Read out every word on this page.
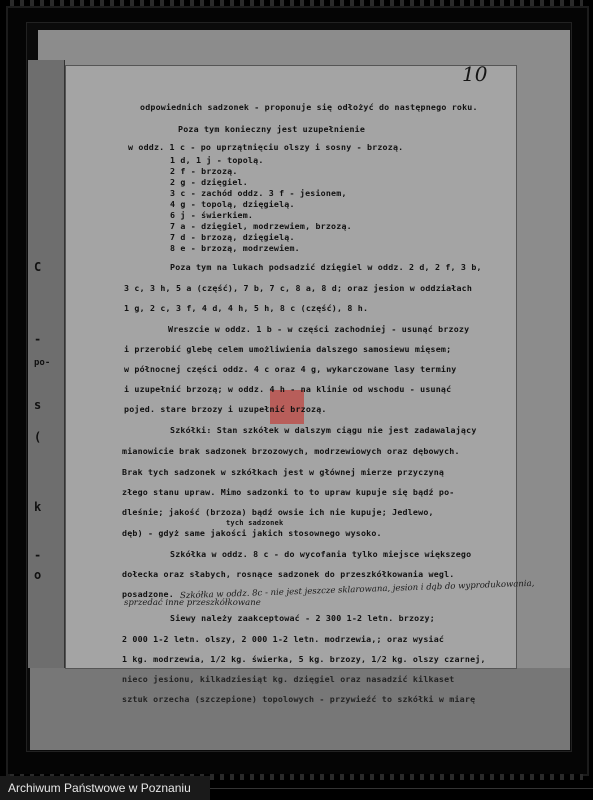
C
-
po-
s
(
k
-
o
10
odpowiednich sadzonek - proponuje się odłożyć do następnego roku.
Poza tym konieczny jest uzupełnienie
w oddz. 1 c - po uprzątnięciu olszy i sosny - brzozą.
1 d, 1 j - topolą.
2 f - brzozą.
2 g - dzięgiel.
3 c - zachód oddz. 3 f - jesionem,
4 g - topolą, dzięgielą.
6 j - świerkiem.
7 a - dzięgiel, modrzewiem, brzozą.
7 d - brzozą, dzięgielą.
8 e - brzozą, modrzewiem.
Poza tym na lukach podsadzić dzięgiel w oddz. 2 d, 2 f, 3 b,
3 c, 3 h, 5 a (część), 7 b, 7 c, 8 a, 8 d; oraz jesion w oddziałach
1 g, 2 c, 3 f, 4 d, 4 h, 5 h, 8 c (część), 8 h.
Wreszcie w oddz. 1 b - w części zachodniej - usunąć brzozy
i przerobić glebę celem umożliwienia dalszego samosiewu mięsem;
w północnej części oddz. 4 c oraz 4 g, wykarczowane lasy terminy
i uzupełnić brzozą; w oddz. 4 h - na klinie od wschodu - usunąć
pojed. stare brzozy i uzupełnić brzozą.
Szkółki: Stan szkółek w dalszym ciągu nie jest zadawalający
mianowicie brak sadzonek brzozowych, modrzewiowych oraz dębowych.
Brak tych sadzonek w szkółkach jest w głównej mierze przyczyną
złego stanu upraw. Mimo sadzonki to to upraw kupuje się bądź po-
dleśnie; jakość (brzoza) bądź owsie ich nie kupuje; Jedlewo,
tych sadzonek
dęb) - gdyż same jakości jakich stosownego wysoko.
Szkółka w oddz. 8 c - do wycofania tylko miejsce większego
dołecka oraz słabych, rosnące sadzonek do przeszkółkowania wegl.
posadzone. Szkółka w oddz. 8c - nie jest jeszcze sklarowana, jesion i dąb do wyprodukowania,
sprzedać inne przeszkółkowane
Siewy należy zaakceptować - 2 300 1-2 letn. brzozy;
2 000 1-2 letn. olszy, 2 000 1-2 letn. modrzewia,; oraz wysiać
1 kg. modrzewia, 1/2 kg. świerka, 5 kg. brzozy, 1/2 kg. olszy czarnej,
nieco jesionu, kilkadziesiąt kg. dzięgiel oraz nasadzić kilkaset
sztuk orzecha (szczepione) topolowych - przywieźć to szkółki w miarę
Archiwum Państwowe w Poznaniu
